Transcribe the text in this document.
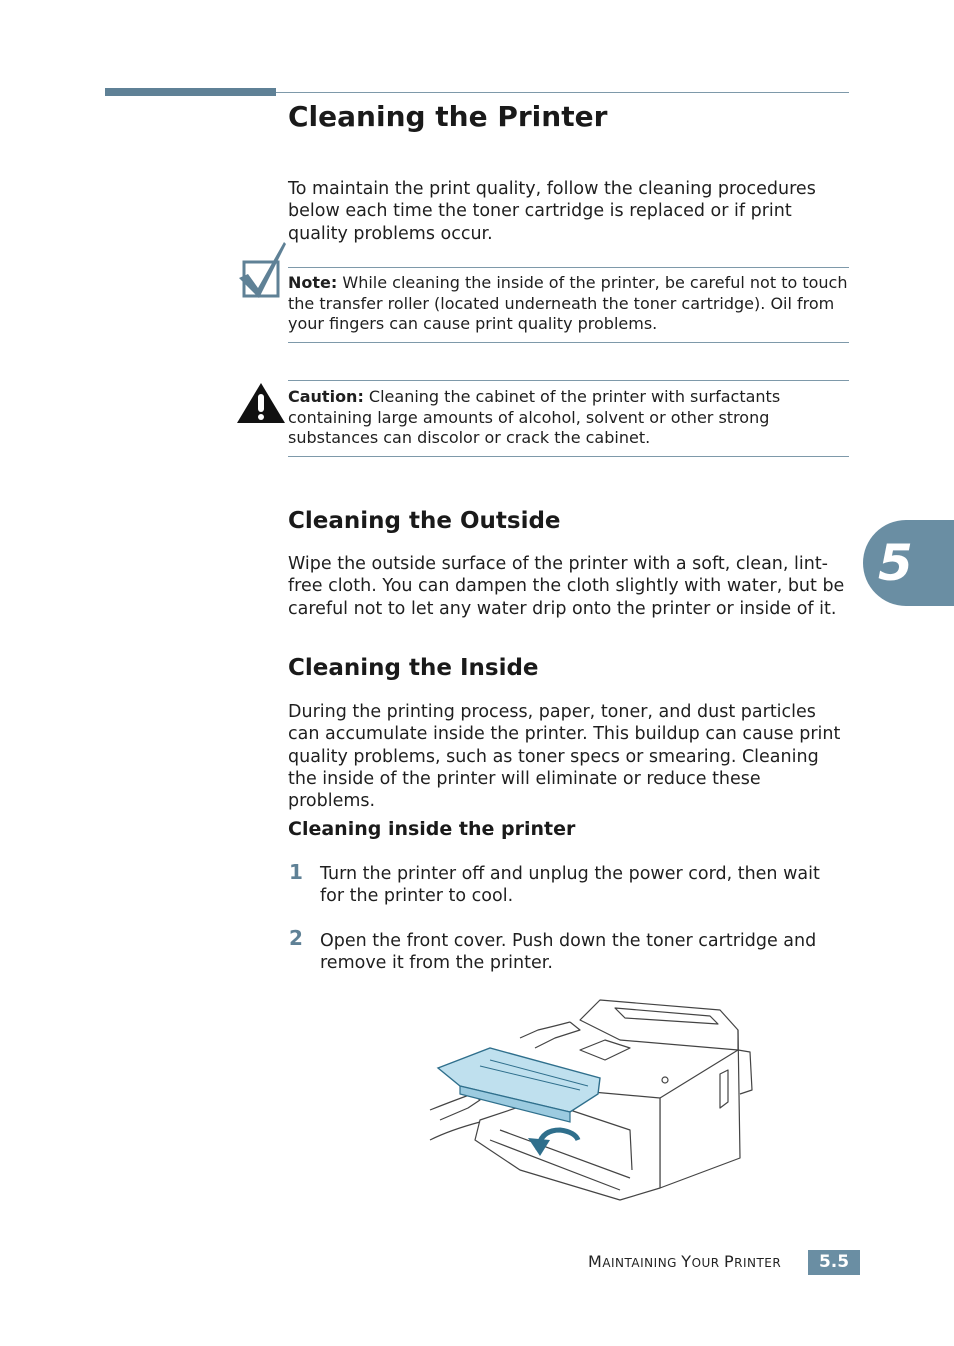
Cleaning the Printer

To maintain the print quality, follow the cleaning procedures below each time the toner cartridge is replaced or if print quality problems occur.

Note: While cleaning the inside of the printer, be careful not to touch the transfer roller (located underneath the toner cartridge). Oil from your fingers can cause print quality problems.

Caution: Cleaning the cabinet of the printer with surfactants containing large amounts of alcohol, solvent or other strong substances can discolor or crack the cabinet.

Cleaning the Outside

Wipe the outside surface of the printer with a soft, clean, lint-free cloth. You can dampen the cloth slightly with water, but be careful not to let any water drip onto the printer or inside of it.

Cleaning the Inside

During the printing process, paper, toner, and dust particles can accumulate inside the printer. This buildup can cause print quality problems, such as toner specs or smearing. Cleaning the inside of the printer will eliminate or reduce these problems.

Cleaning inside the printer
1 Turn the printer off and unplug the power cord, then wait for the printer to cool.

2 Open the front cover. Push down the toner cartridge and remove it from the printer.

5
MAINTAINING YOUR PRINTER	5.5
